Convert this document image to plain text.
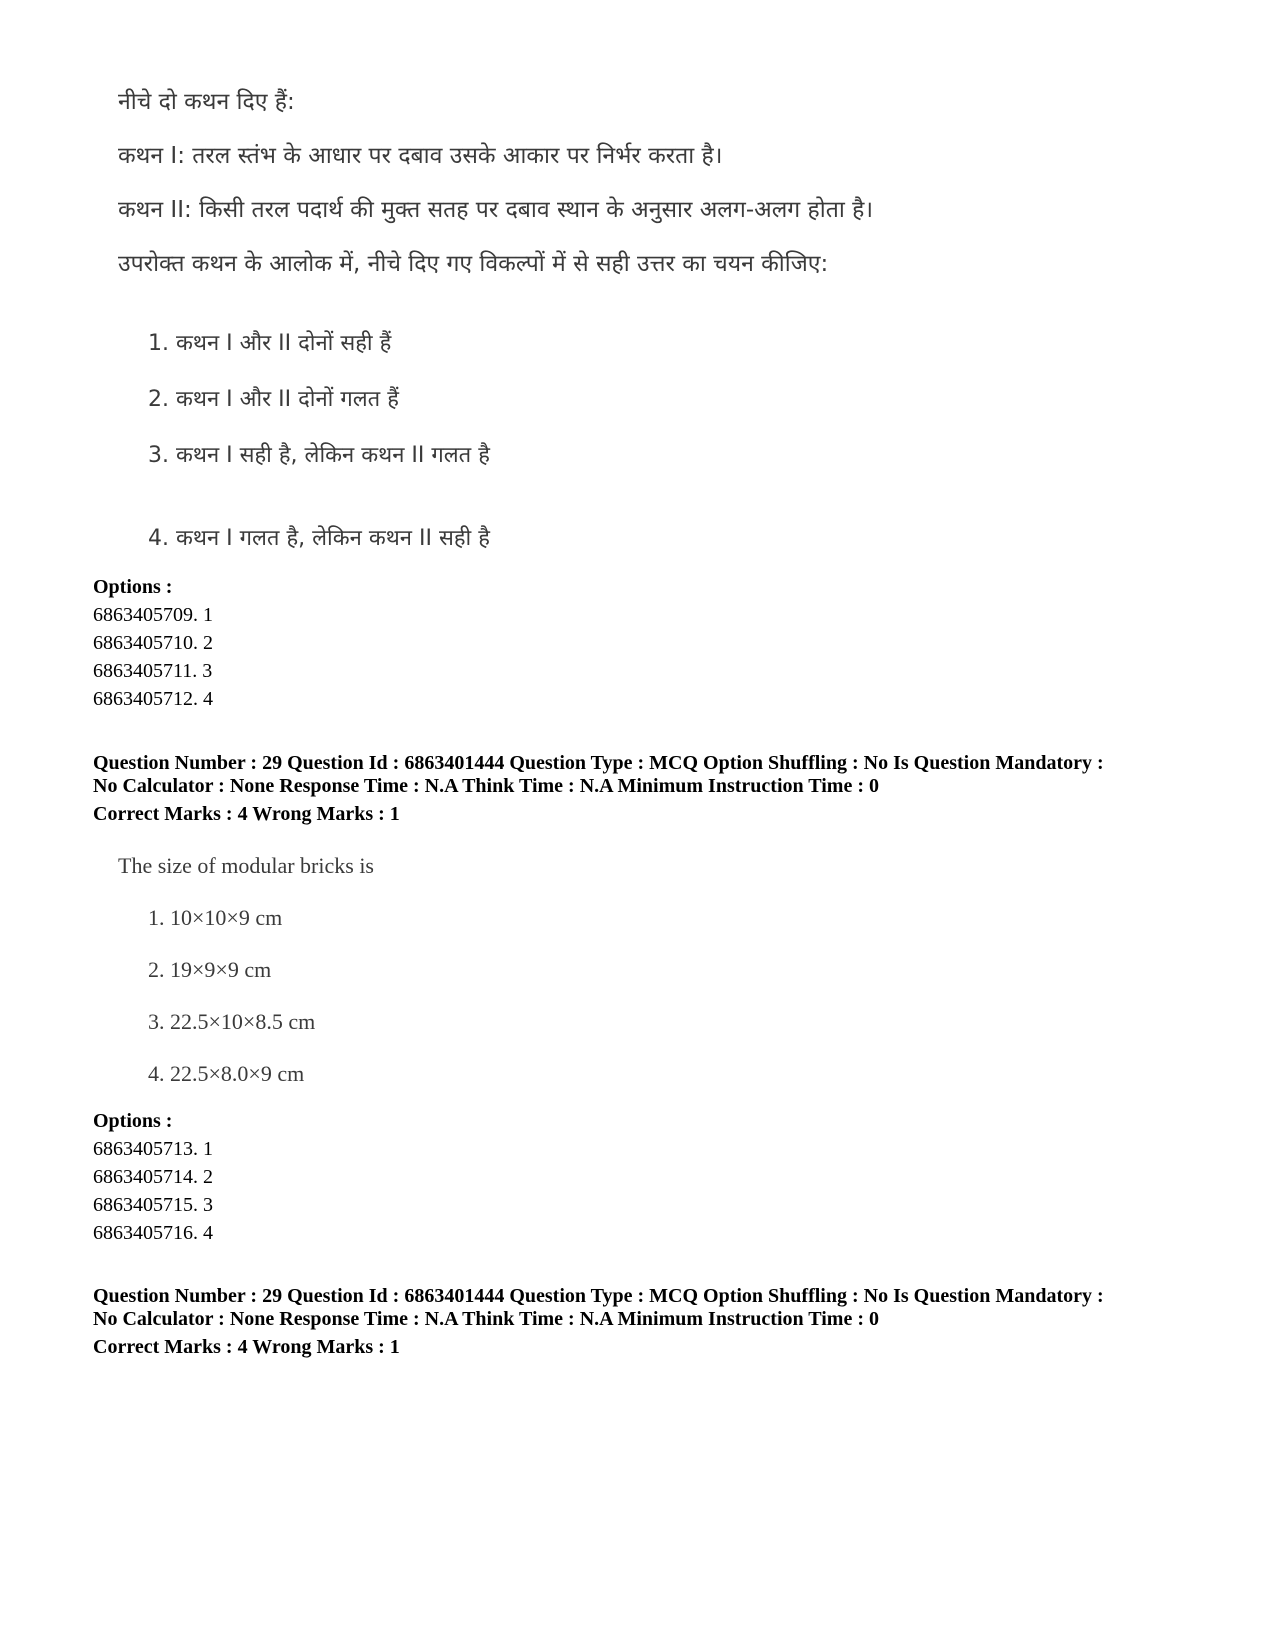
नीचे दो कथन दिए हैं:
कथन I: तरल स्तंभ के आधार पर दबाव उसके आकार पर निर्भर करता है।
कथन II: किसी तरल पदार्थ की मुक्त सतह पर दबाव स्थान के अनुसार अलग-अलग होता है।
उपरोक्त कथन के आलोक में, नीचे दिए गए विकल्पों में से सही उत्तर का चयन कीजिए:
1. कथन I और II दोनों सही हैं
2. कथन I और II दोनों गलत हैं
3. कथन I सही है, लेकिन कथन II गलत है
4. कथन I गलत है, लेकिन कथन II सही है
Options :
6863405709. 1
6863405710. 2
6863405711. 3
6863405712. 4
Question Number : 29 Question Id : 6863401444 Question Type : MCQ Option Shuffling : No Is Question Mandatory :
No Calculator : None Response Time : N.A Think Time : N.A Minimum Instruction Time : 0
Correct Marks : 4 Wrong Marks : 1
The size of modular bricks is
1. 10×10×9 cm
2. 19×9×9 cm
3. 22.5×10×8.5 cm
4. 22.5×8.0×9 cm
Options :
6863405713. 1
6863405714. 2
6863405715. 3
6863405716. 4
Question Number : 29 Question Id : 6863401444 Question Type : MCQ Option Shuffling : No Is Question Mandatory :
No Calculator : None Response Time : N.A Think Time : N.A Minimum Instruction Time : 0
Correct Marks : 4 Wrong Marks : 1
